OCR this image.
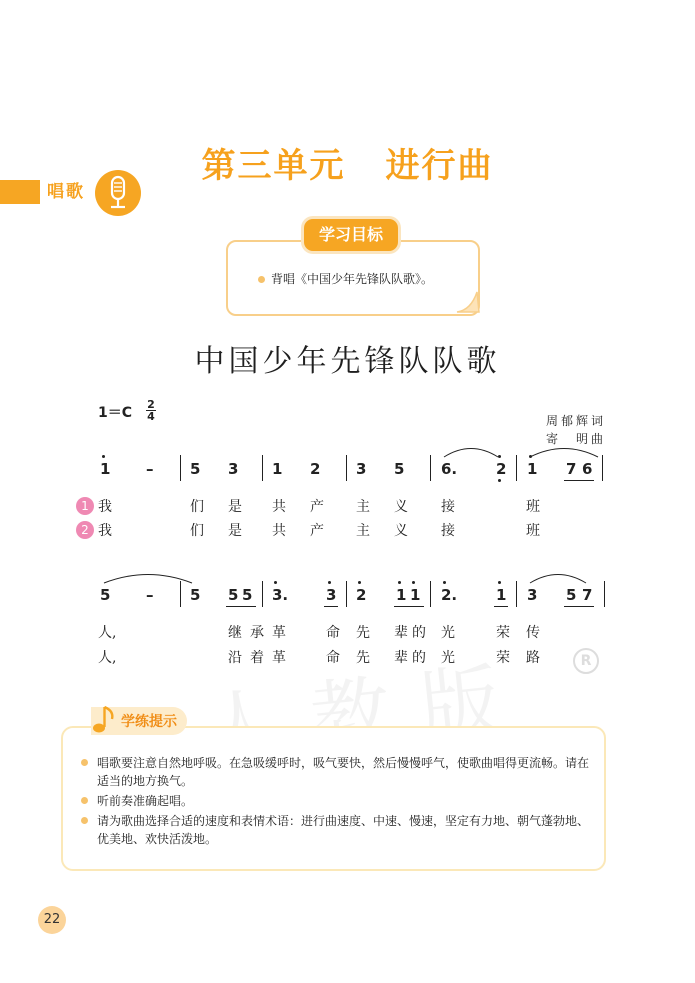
第三单元 进行曲
唱歌
学习目标
背唱《中国少年先锋队队歌》。
中国少年先锋队队歌
1＝C
2
4	周郁辉词
寄　明曲
1 – 5 3 1 2 3 5 6.	2 1 7 6
1 我	们 是 共 产 主 义 接	班
2 我	们 是 共 产 主 义 接	班
5 – 5 5 5 3.	3 2 1 1 2.	1 3 5 7
人,	继 承 革	命 先 辈 的 光	荣 传
人,	沿 着 革	命 先 辈 的 光	荣 路	R
学练提示
唱歌要注意自然地呼吸。在急吸缓呼时，吸气要快，然后慢慢呼气，使歌曲唱得更流畅。请在适当的地方换气。
听前奏准确起唱。
请为歌曲选择合适的速度和表情术语：进行曲速度、中速、慢速，坚定有力地、朝气蓬勃地、优美地、欢快活泼地。
22
